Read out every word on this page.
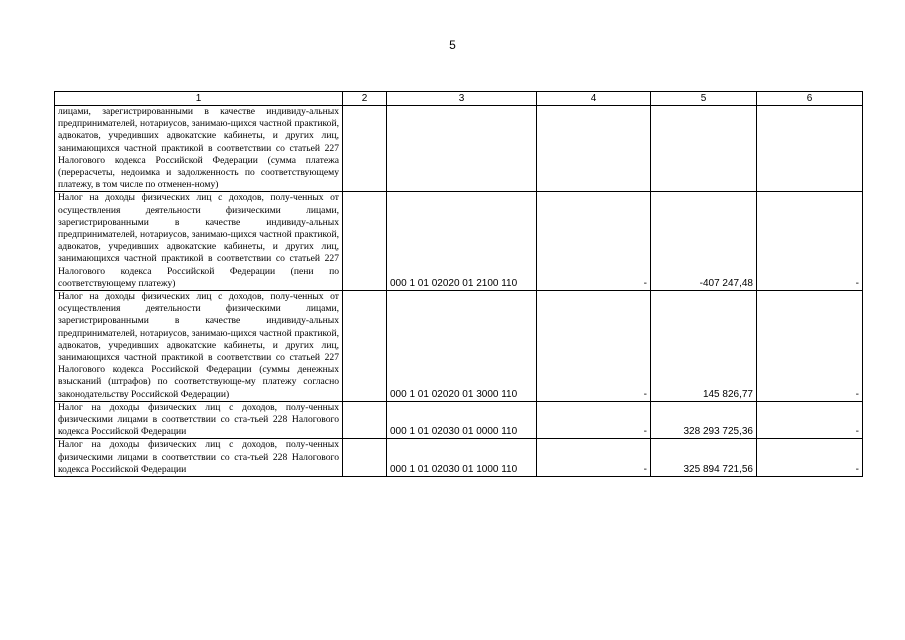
5
1	2	3	4	5	6
лицами, зарегистрированными в качестве индивиду-альных предпринимателей, нотариусов, занимаю-щихся частной практикой, адвокатов, учредивших адвокатские кабинеты, и других лиц, занимающихся частной практикой в соответствии со статьей 227 Налогового кодекса Российской Федерации (сумма платежа (перерасчеты, недоимка и задолженность по соответствующему платежу, в том числе по отменен-ному)					
Налог на доходы физических лиц с доходов, полу-ченных от осуществления деятельности физическими лицами, зарегистрированными в качестве индивиду-альных предпринимателей, нотариусов, занимаю-щихся частной практикой, адвокатов, учредивших адвокатские кабинеты, и других лиц, занимающихся частной практикой в соответствии со статьей 227 Налогового кодекса Российской Федерации (пени по соответствующему платежу)		000 1 01 02020 01 2100 110	-	-407 247,48	-
Налог на доходы физических лиц с доходов, полу-ченных от осуществления деятельности физическими лицами, зарегистрированными в качестве индивиду-альных предпринимателей, нотариусов, занимаю-щихся частной практикой, адвокатов, учредивших адвокатские кабинеты, и других лиц, занимающихся частной практикой в соответствии со статьей 227 Налогового кодекса Российской Федерации (суммы денежных взысканий (штрафов) по соответствующе-му платежу согласно законодательству Российской Федерации)		000 1 01 02020 01 3000 110	-	145 826,77	-
Налог на доходы физических лиц с доходов, полу-ченных физическими лицами в соответствии со ста-тьей 228 Налогового кодекса Российской Федерации		000 1 01 02030 01 0000 110	-	328 293 725,36	-
Налог на доходы физических лиц с доходов, полу-ченных физическими лицами в соответствии со ста-тьей 228 Налогового кодекса Российской Федерации		000 1 01 02030 01 1000 110	-	325 894 721,56	-
